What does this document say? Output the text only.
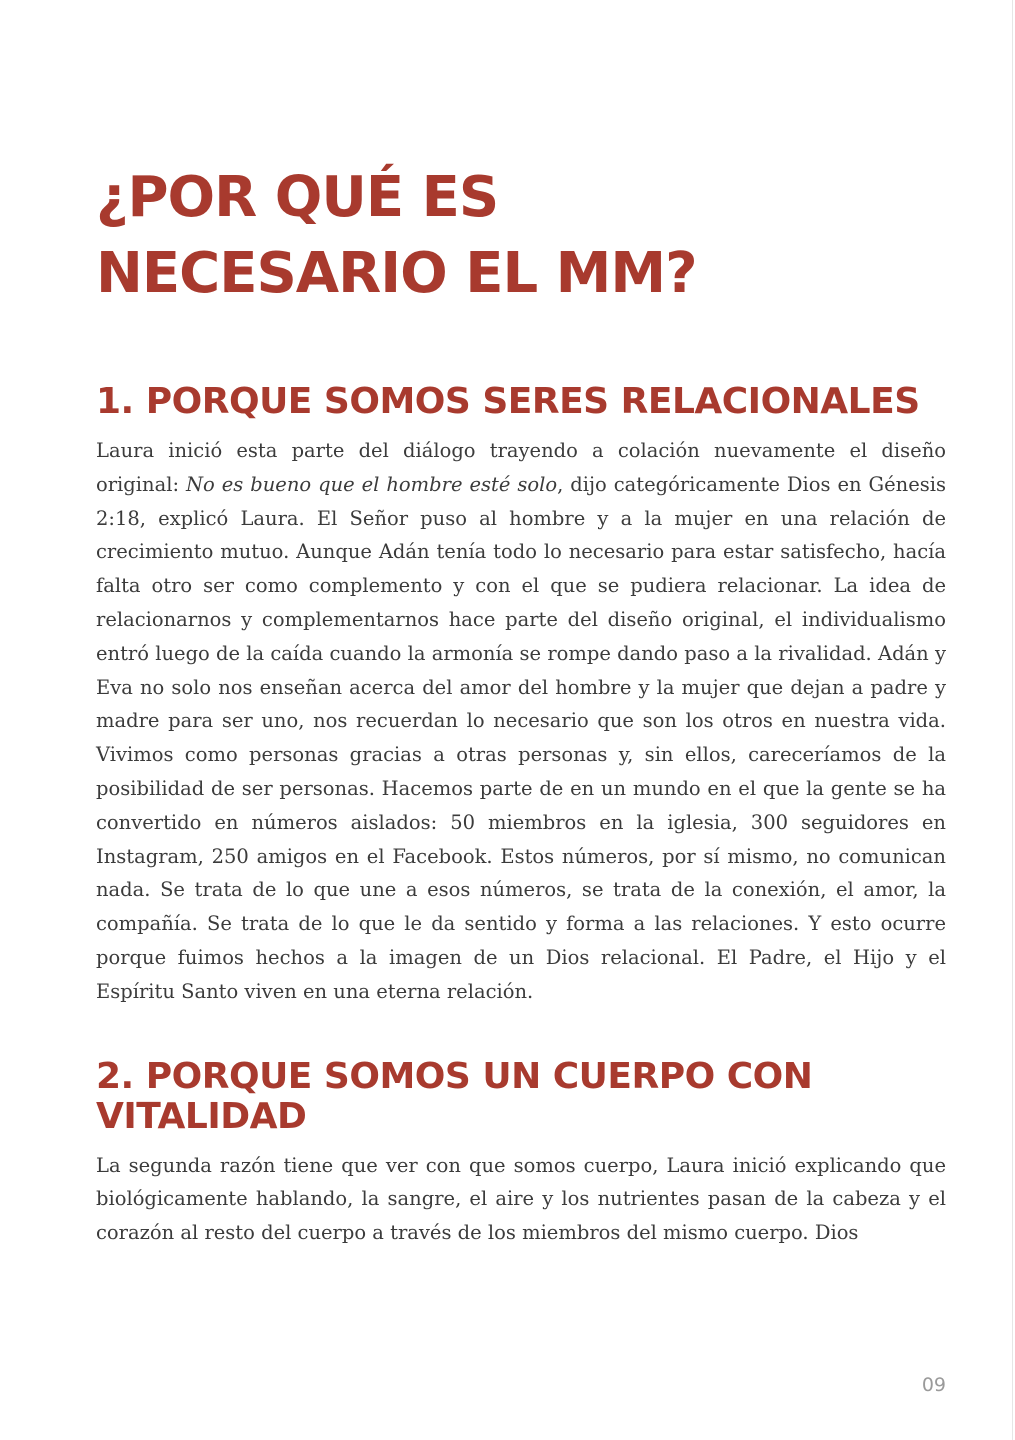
¿POR QUÉ ES
NECESARIO EL MM?
1. PORQUE SOMOS SERES RELACIONALES

Laura inició esta parte del diálogo trayendo a colación nuevamente el diseño original: No es bueno que el hombre esté solo, dijo categóricamente Dios en Génesis 2:18, explicó Laura. El Señor puso al hombre y a la mujer en una relación de crecimiento mutuo. Aunque Adán tenía todo lo necesario para estar satisfecho, hacía falta otro ser como complemento y con el que se pudiera relacionar. La idea de relacionarnos y complementarnos hace parte del diseño original, el individualismo entró luego de la caída cuando la armonía se rompe dando paso a la rivalidad. Adán y Eva no solo nos enseñan acerca del amor del hombre y la mujer que dejan a padre y madre para ser uno, nos recuerdan lo necesario que son los otros en nuestra vida. Vivimos como personas gracias a otras personas y, sin ellos, careceríamos de la posibilidad de ser personas. Hacemos parte de en un mundo en el que la gente se ha convertido en números aislados: 50 miembros en la iglesia, 300 seguidores en Instagram, 250 amigos en el Facebook. Estos números, por sí mismo, no comunican nada. Se trata de lo que une a esos números, se trata de la conexión, el amor, la compañía. Se trata de lo que le da sentido y forma a las relaciones. Y esto ocurre porque fuimos hechos a la imagen de un Dios relacional. El Padre, el Hijo y el Espíritu Santo viven en una eterna relación.

2. PORQUE SOMOS UN CUERPO CON VITALIDAD

La segunda razón tiene que ver con que somos cuerpo, Laura inició explicando que biológicamente hablando, la sangre, el aire y los nutrientes pasan de la cabeza y el corazón al resto del cuerpo a través de los miembros del mismo cuerpo. Dios

09
